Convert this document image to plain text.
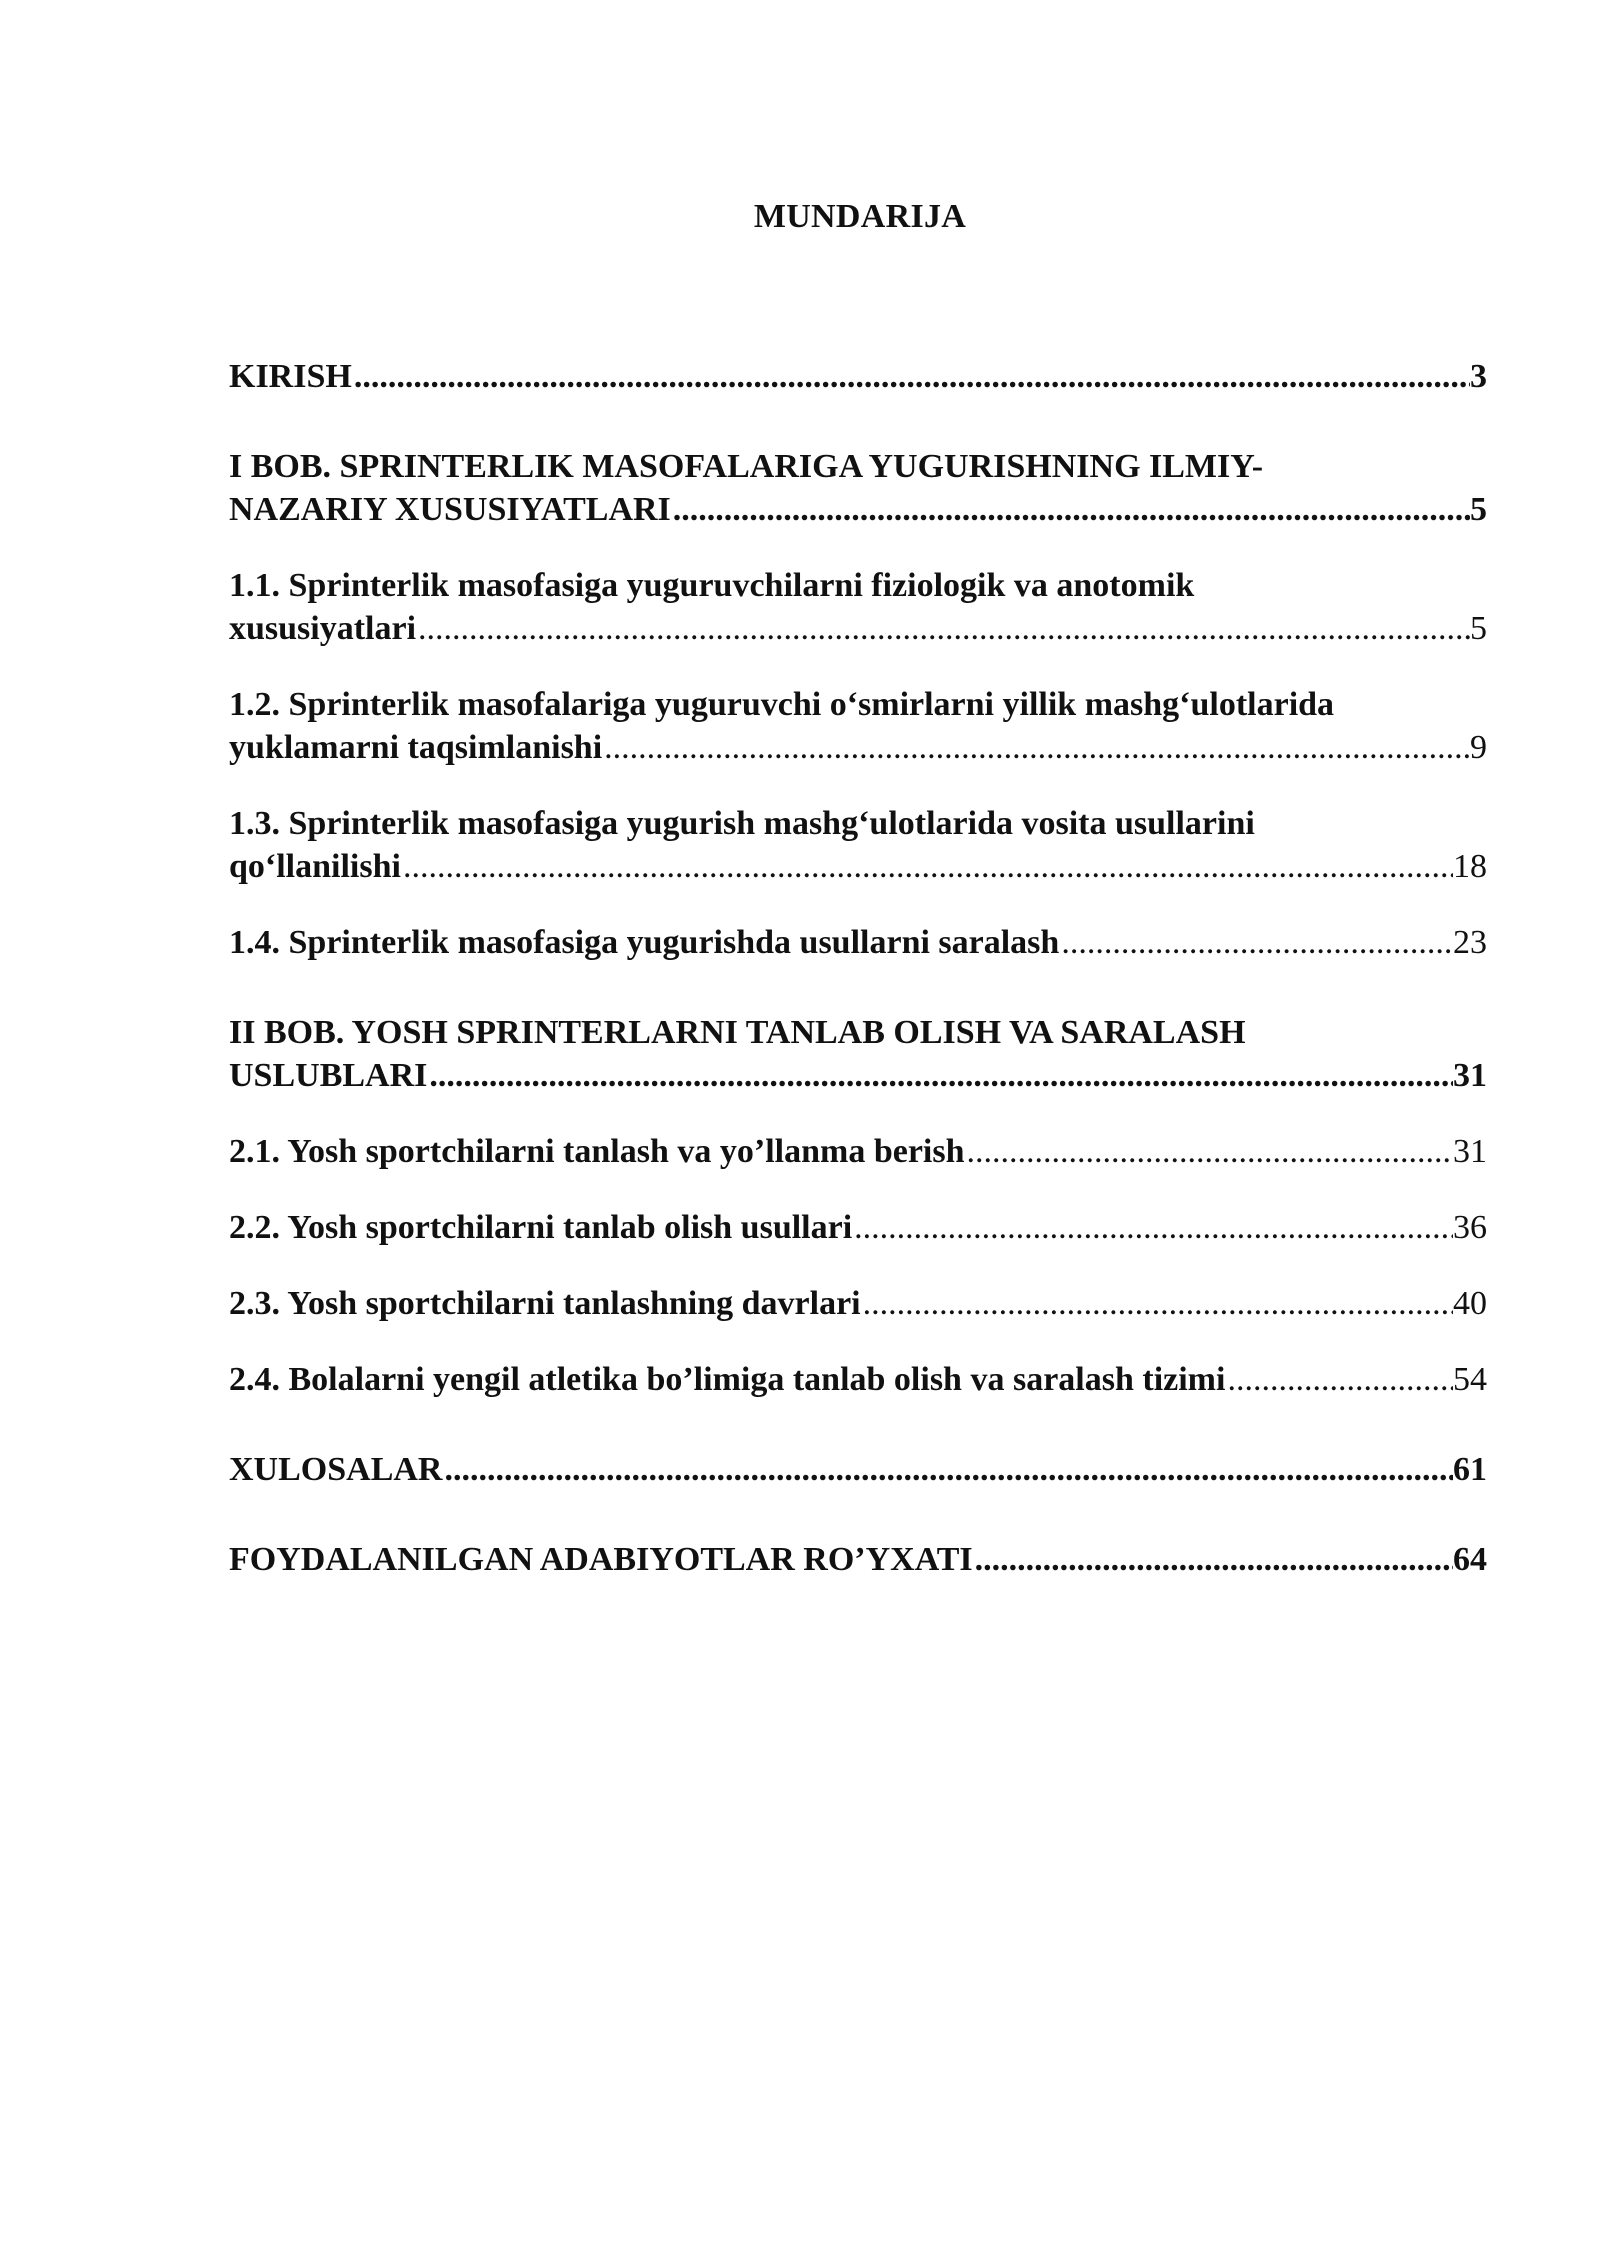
MUNDARIJA
KIRISH .....	3
I BOB. SPRINTERLIK MASOFALARIGA YUGURISHNING ILMIY-
NAZARIY XUSUSIYATLARI .....	5
1.1. Sprinterlik masofasiga yuguruvchilarni fiziologik va anotomik
xususiyatlari .....	5
1.2. Sprinterlik masofalariga yuguruvchi o‘smirlarni yillik mashg‘ulotlarida
yuklamarni taqsimlanishi .....	9
1.3. Sprinterlik masofasiga yugurish mashg‘ulotlarida vosita usullarini
qo‘llanilishi .....	18
1.4. Sprinterlik masofasiga yugurishda usullarni saralash .....	23
II BOB. YOSH SPRINTERLARNI TANLAB OLISH VA SARALASH
USLUBLARI .....	31
2.1. Yosh sportchilarni tanlash va yo’llanma berish .....	31
2.2. Yosh sportchilarni tanlab olish usullari .....	36
2.3. Yosh sportchilarni tanlashning davrlari .....	40
2.4. Bolalarni yengil atletika bo’limiga tanlab olish va saralash tizimi .....	54
XULOSALAR .....	61
FOYDALANILGAN ADABIYOTLAR RO’YXATI .....	64
